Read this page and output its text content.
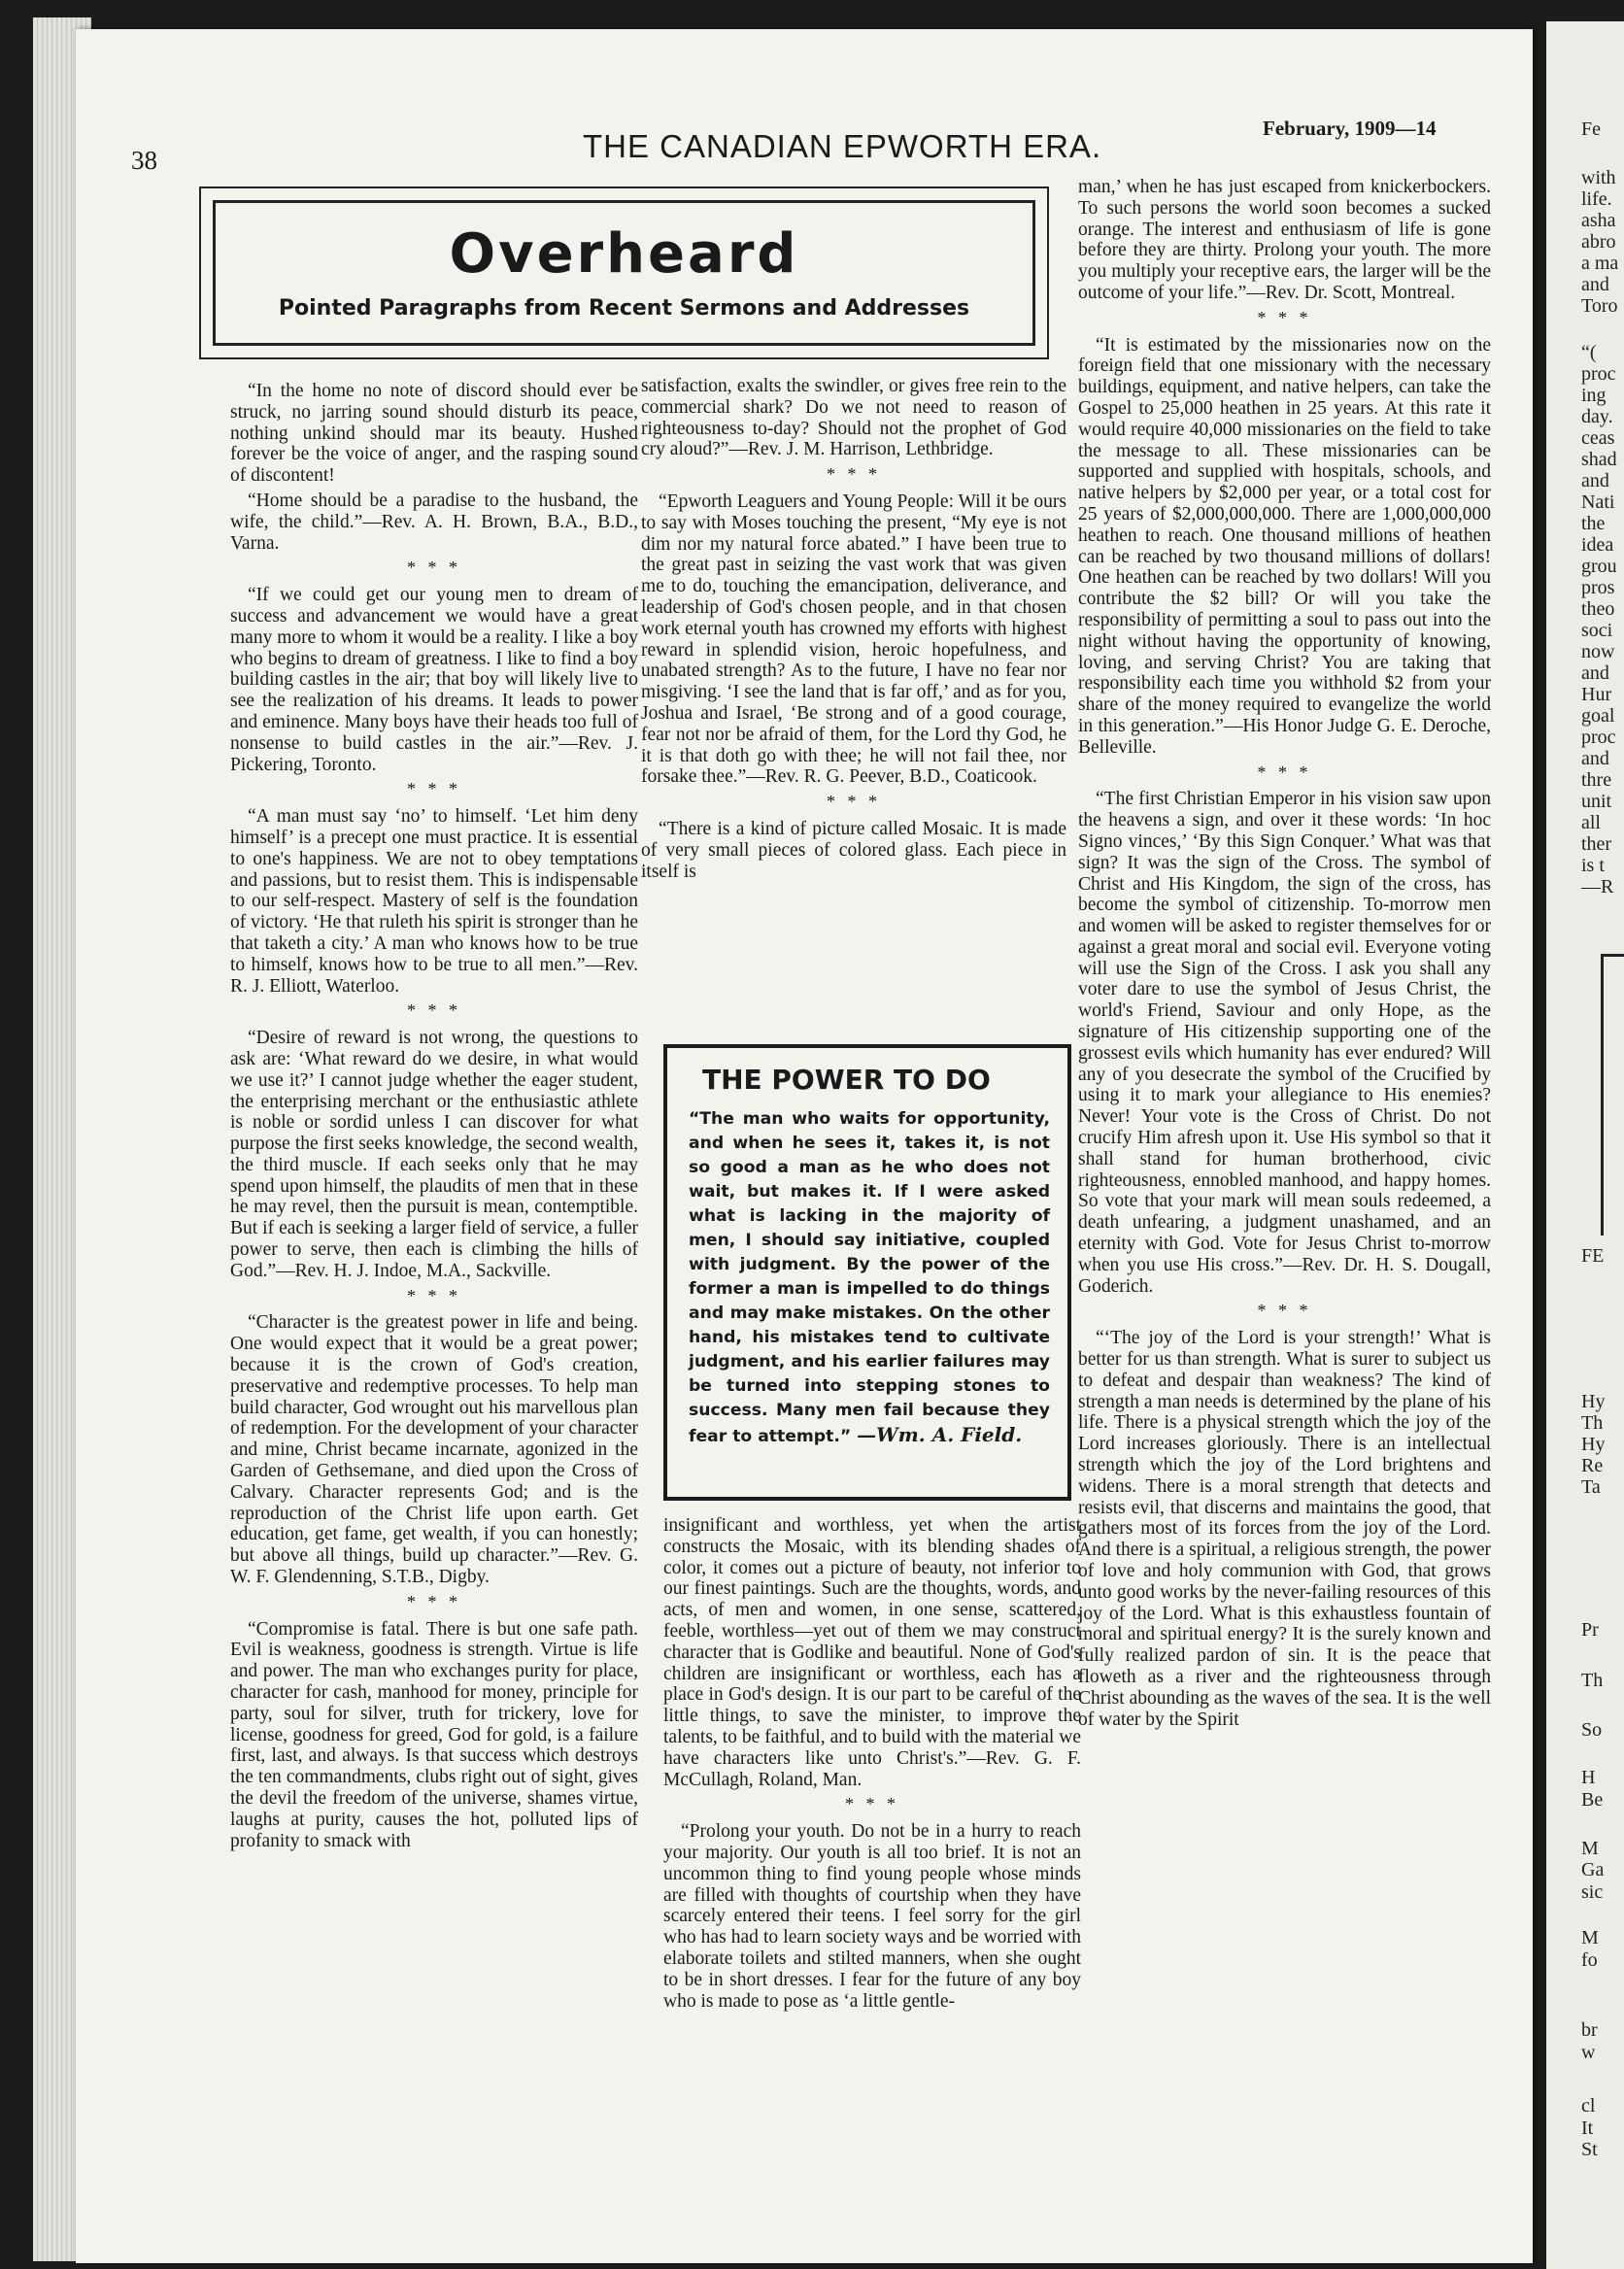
38	THE CANADIAN EPWORTH ERA.	February, 1909—14
Overheard
Pointed Paragraphs from Recent Sermons and Addresses

“In the home no note of discord should ever be struck, no jarring sound should disturb its peace, nothing unkind should mar its beauty. Hushed forever be the voice of anger, and the rasping sound of discontent!

“Home should be a paradise to the husband, the wife, the child.”—Rev. A. H. Brown, B.A., B.D., Varna.

* * *

“If we could get our young men to dream of success and advancement we would have a great many more to whom it would be a reality. I like a boy who begins to dream of greatness. I like to find a boy building castles in the air; that boy will likely live to see the realization of his dreams. It leads to power and eminence. Many boys have their heads too full of nonsense to build castles in the air.”—Rev. J. Pickering, Toronto.

* * *

“A man must say ‘no’ to himself. ‘Let him deny himself’ is a precept one must practice. It is essential to one's happiness. We are not to obey temptations and passions, but to resist them. This is indispensable to our self-respect. Mastery of self is the foundation of victory. ‘He that ruleth his spirit is stronger than he that taketh a city.’ A man who knows how to be true to himself, knows how to be true to all men.”—Rev. R. J. Elliott, Waterloo.

* * *

“Desire of reward is not wrong, the questions to ask are: ‘What reward do we desire, in what would we use it?’ I cannot judge whether the eager student, the enterprising merchant or the enthusiastic athlete is noble or sordid unless I can discover for what purpose the first seeks knowledge, the second wealth, the third muscle. If each seeks only that he may spend upon himself, the plaudits of men that in these he may revel, then the pursuit is mean, contemptible. But if each is seeking a larger field of service, a fuller power to serve, then each is climbing the hills of God.”—Rev. H. J. Indoe, M.A., Sackville.

* * *

“Character is the greatest power in life and being. One would expect that it would be a great power; because it is the crown of God's creation, preservative and redemptive processes. To help man build character, God wrought out his marvellous plan of redemption. For the development of your character and mine, Christ became incarnate, agonized in the Garden of Gethsemane, and died upon the Cross of Calvary. Character represents God; and is the reproduction of the Christ life upon earth. Get education, get fame, get wealth, if you can honestly; but above all things, build up character.”—Rev. G. W. F. Glendenning, S.T.B., Digby.

* * *

“Compromise is fatal. There is but one safe path. Evil is weakness, goodness is strength. Virtue is life and power. The man who exchanges purity for place, character for cash, manhood for money, principle for party, soul for silver, truth for trickery, love for license, goodness for greed, God for gold, is a failure first, last, and always. Is that success which destroys the ten commandments, clubs right out of sight, gives the devil the freedom of the universe, shames virtue, laughs at purity, causes the hot, polluted lips of profanity to smack with

satisfaction, exalts the swindler, or gives free rein to the commercial shark? Do we not need to reason of righteousness to-day? Should not the prophet of God cry aloud?”—Rev. J. M. Harrison, Lethbridge.

* * *

“Epworth Leaguers and Young People: Will it be ours to say with Moses touching the present, “My eye is not dim nor my natural force abated.” I have been true to the great past in seizing the vast work that was given me to do, touching the emancipation, deliverance, and leadership of God's chosen people, and in that chosen work eternal youth has crowned my efforts with highest reward in splendid vision, heroic hopefulness, and unabated strength? As to the future, I have no fear nor misgiving. ‘I see the land that is far off,’ and as for you, Joshua and Israel, ‘Be strong and of a good courage, fear not nor be afraid of them, for the Lord thy God, he it is that doth go with thee; he will not fail thee, nor forsake thee.”—Rev. R. G. Peever, B.D., Coaticook.

* * *

“There is a kind of picture called Mosaic. It is made of very small pieces of colored glass. Each piece in itself is

THE POWER TO DO
“The man who waits for opportunity, and when he sees it, takes it, is not so good a man as he who does not wait, but makes it. If I were asked what is lacking in the majority of men, I should say initiative, coupled with judgment. By the power of the former a man is impelled to do things and may make mistakes. On the other hand, his mistakes tend to cultivate judgment, and his earlier failures may be turned into stepping stones to success. Many men fail because they fear to attempt.” —Wm. A. Field.

insignificant and worthless, yet when the artist constructs the Mosaic, with its blending shades of color, it comes out a picture of beauty, not inferior to our finest paintings. Such are the thoughts, words, and acts, of men and women, in one sense, scattered, feeble, worthless—yet out of them we may construct character that is Godlike and beautiful. None of God's children are insignificant or worthless, each has a place in God's design. It is our part to be careful of the little things, to save the minister, to improve the talents, to be faithful, and to build with the material we have characters like unto Christ's.”—Rev. G. F. McCullagh, Roland, Man.

* * *

“Prolong your youth. Do not be in a hurry to reach your majority. Our youth is all too brief. It is not an uncommon thing to find young people whose minds are filled with thoughts of courtship when they have scarcely entered their teens. I feel sorry for the girl who has had to learn society ways and be worried with elaborate toilets and stilted manners, when she ought to be in short dresses. I fear for the future of any boy who is made to pose as ‘a little gentle-

man,’ when he has just escaped from knickerbockers. To such persons the world soon becomes a sucked orange. The interest and enthusiasm of life is gone before they are thirty. Prolong your youth. The more you multiply your receptive ears, the larger will be the outcome of your life.”—Rev. Dr. Scott, Montreal.

* * *

“It is estimated by the missionaries now on the foreign field that one missionary with the necessary buildings, equipment, and native helpers, can take the Gospel to 25,000 heathen in 25 years. At this rate it would require 40,000 missionaries on the field to take the message to all. These missionaries can be supported and supplied with hospitals, schools, and native helpers by $2,000 per year, or a total cost for 25 years of $2,000,000,000. There are 1,000,000,000 heathen to reach. One thousand millions of heathen can be reached by two thousand millions of dollars! One heathen can be reached by two dollars! Will you contribute the $2 bill? Or will you take the responsibility of permitting a soul to pass out into the night without having the opportunity of knowing, loving, and serving Christ? You are taking that responsibility each time you withhold $2 from your share of the money required to evangelize the world in this generation.”—His Honor Judge G. E. Deroche, Belleville.

* * *

“The first Christian Emperor in his vision saw upon the heavens a sign, and over it these words: ‘In hoc Signo vinces,’ ‘By this Sign Conquer.’ What was that sign? It was the sign of the Cross. The symbol of Christ and His Kingdom, the sign of the cross, has become the symbol of citizenship. To-morrow men and women will be asked to register themselves for or against a great moral and social evil. Everyone voting will use the Sign of the Cross. I ask you shall any voter dare to use the symbol of Jesus Christ, the world's Friend, Saviour and only Hope, as the signature of His citizenship supporting one of the grossest evils which humanity has ever endured? Will any of you desecrate the symbol of the Crucified by using it to mark your allegiance to His enemies? Never! Your vote is the Cross of Christ. Do not crucify Him afresh upon it. Use His symbol so that it shall stand for human brotherhood, civic righteousness, ennobled manhood, and happy homes. So vote that your mark will mean souls redeemed, a death unfearing, a judgment unashamed, and an eternity with God. Vote for Jesus Christ to-morrow when you use His cross.”—Rev. Dr. H. S. Dougall, Goderich.

* * *

“‘The joy of the Lord is your strength!’ What is better for us than strength. What is surer to subject us to defeat and despair than weakness? The kind of strength a man needs is determined by the plane of his life. There is a physical strength which the joy of the Lord increases gloriously. There is an intellectual strength which the joy of the Lord brightens and widens. There is a moral strength that detects and resists evil, that discerns and maintains the good, that gathers most of its forces from the joy of the Lord. And there is a spiritual, a religious strength, the power of love and holy communion with God, that grows unto good works by the never-failing resources of this joy of the Lord. What is this exhaustless fountain of moral and spiritual energy? It is the surely known and fully realized pardon of sin. It is the peace that floweth as a river and the righteousness through Christ abounding as the waves of the sea. It is the well of water by the Spirit

Fe
with
life.
asha
abro
a ma
and
Toro
“(
proc
ing
day.
ceas
shad
and
Nati
the
idea
grou
pros
theo
soci
now
and
Hur
goal
proc
and
thre
unit
all
ther
is t
—R
FE
Hy
Th
Hy
Re
Ta
Pr
Th
So
H
Be
M
Ga
sic
M
fo
br
w
cl
It
St
